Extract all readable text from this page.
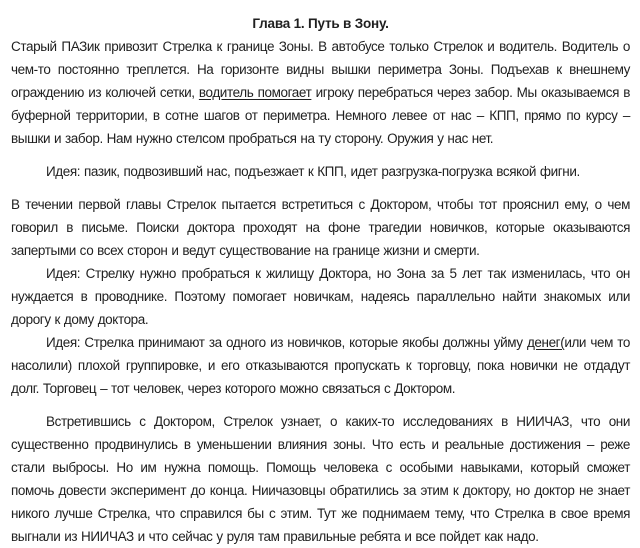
Глава 1. Путь в Зону.

Старый ПАЗик привозит Стрелка к границе Зоны. В автобусе только Стрелок и водитель. Водитель о чем-то постоянно треплется. На горизонте видны вышки периметра Зоны. Подъехав к внешнему ограждению из колючей сетки, водитель помогает игроку перебраться через забор. Мы оказываемся в буферной территории, в сотне шагов от периметра. Немного левее от нас – КПП, прямо по курсу – вышки и забор. Нам нужно стелсом пробраться на ту сторону. Оружия у нас нет.

Идея: пазик, подвозивший нас, подъезжает к КПП, идет разгрузка-погрузка всякой фигни.

В течении первой главы Стрелок пытается встретиться с Доктором, чтобы тот прояснил ему, о чем говорил в письме. Поиски доктора проходят на фоне трагедии новичков, которые оказываются запертыми со всех сторон и ведут существование на границе жизни и смерти.

Идея: Стрелку нужно пробраться к жилищу Доктора, но Зона за 5 лет так изменилась, что он нуждается в проводнике. Поэтому помогает новичкам, надеясь параллельно найти знакомых или дорогу к дому доктора.

Идея: Стрелка принимают за одного из новичков, которые якобы должны уйму денег(или чем то насолили) плохой группировке, и его отказываются пропускать к торговцу, пока новички не отдадут долг. Торговец – тот человек, через которого можно связаться с Доктором.

Встретившись с Доктором, Стрелок узнает, о каких-то исследованиях в НИИЧАЗ, что они существенно продвинулись в уменьшении влияния зоны. Что есть и реальные достижения – реже стали выбросы. Но им нужна помощь. Помощь человека с особыми навыками, который сможет помочь довести эксперимент до конца. Ниичазовцы обратились за этим к доктору, но доктор не знает никого лучше Стрелка, что справился бы с этим. Тут же поднимаем тему, что Стрелка в свое время выгнали из НИИЧАЗ и что сейчас у руля там правильные ребята и все пойдет как надо.
